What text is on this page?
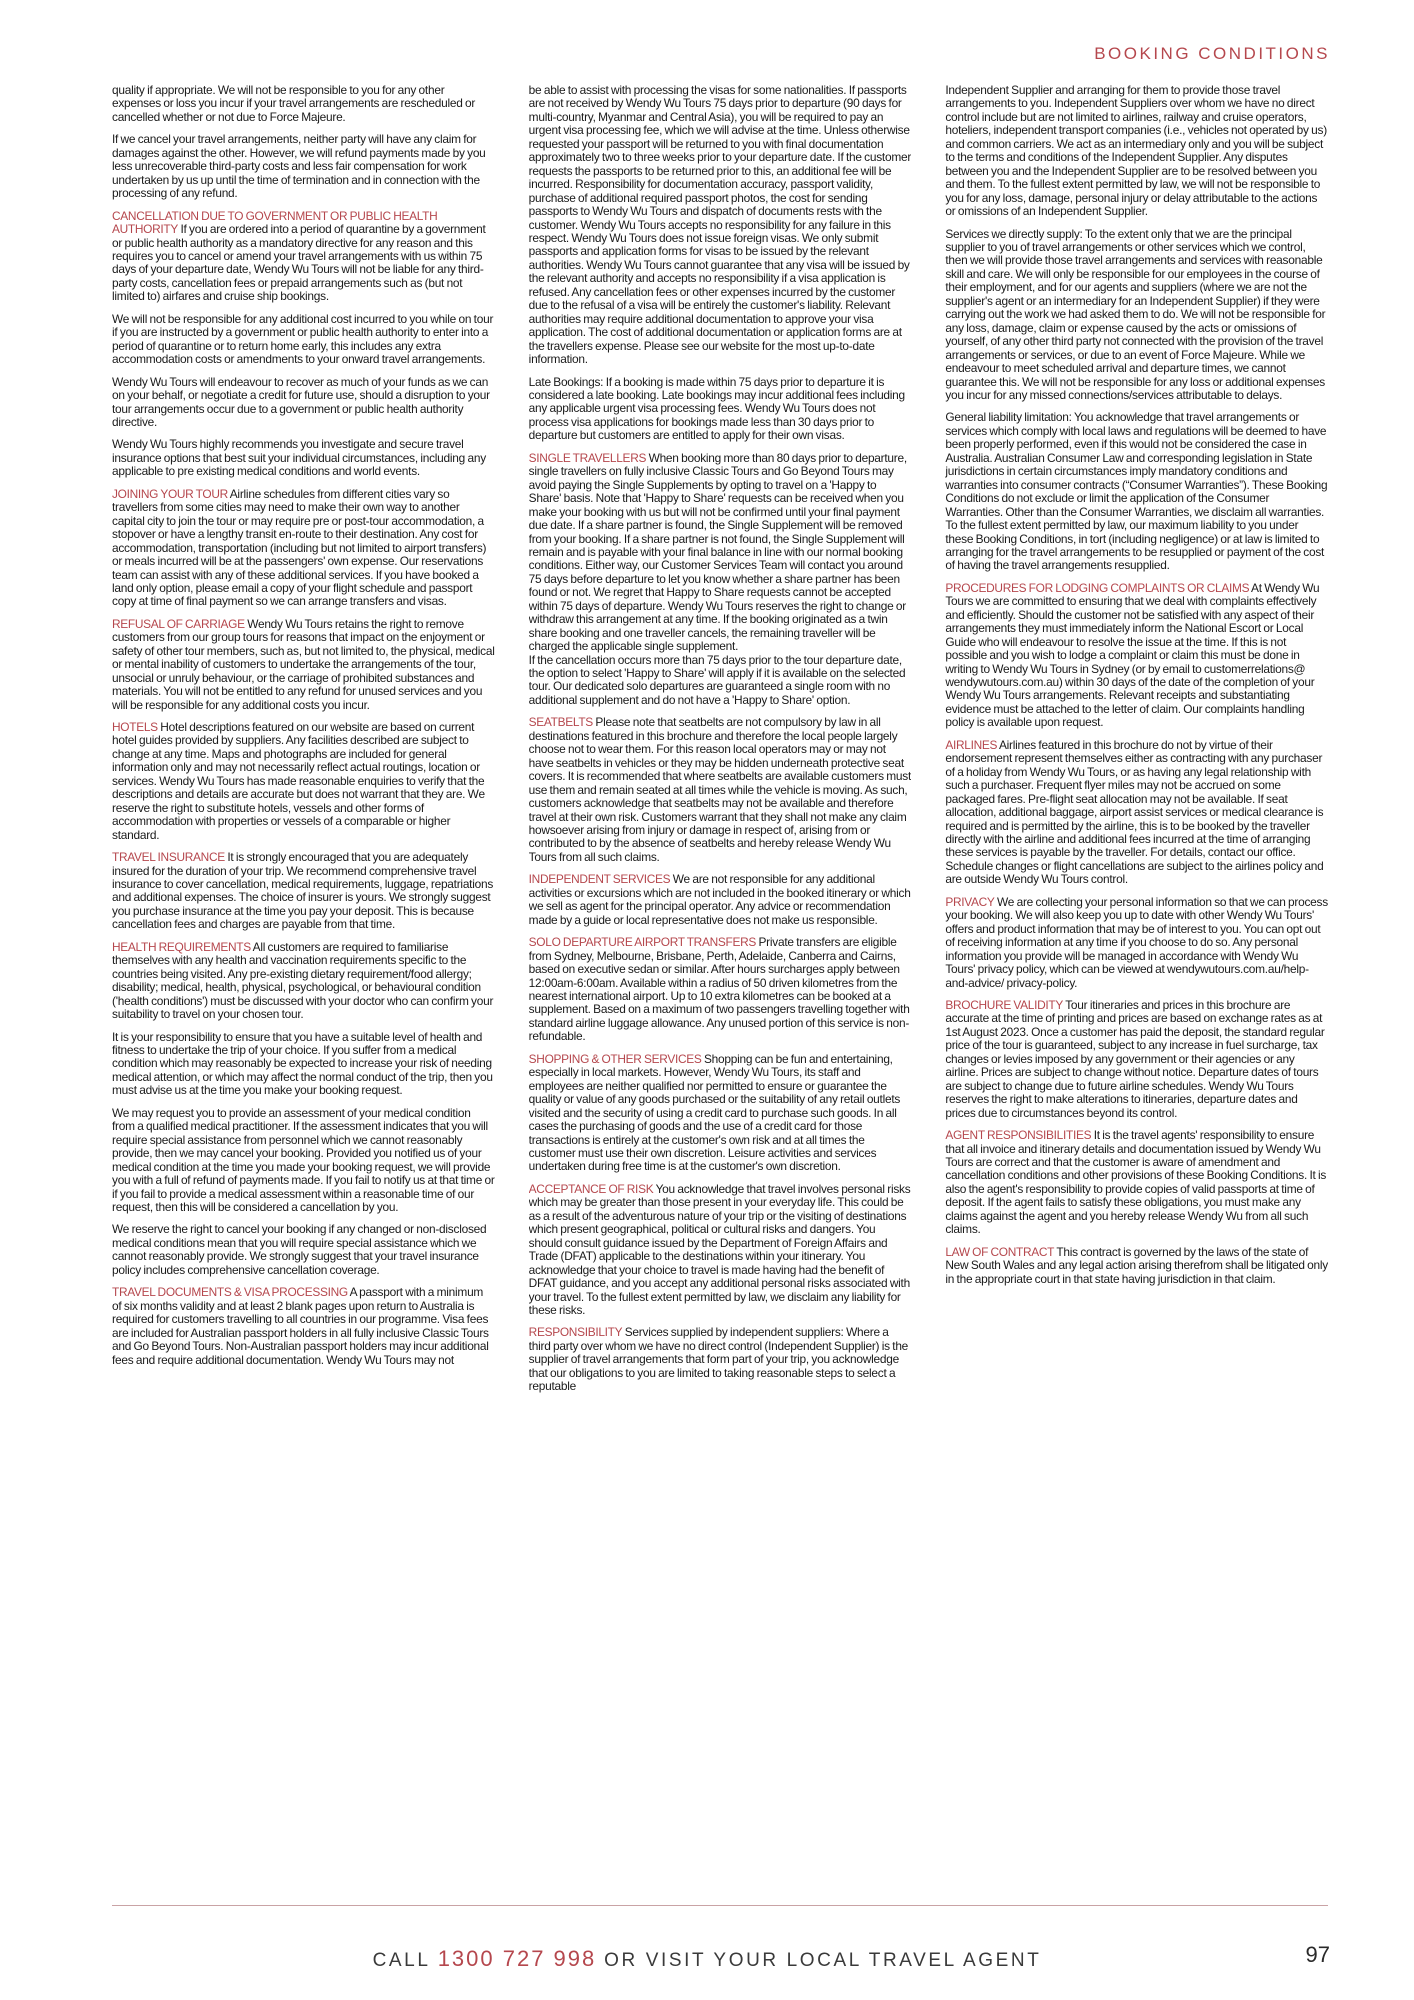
BOOKING CONDITIONS

quality if appropriate. We will not be responsible to you for any other expenses or loss you incur if your travel arrangements are rescheduled or cancelled whether or not due to Force Majeure.

If we cancel your travel arrangements, neither party will have any claim for damages against the other. However, we will refund payments made by you less unrecoverable third-party costs and less fair compensation for work undertaken by us up until the time of termination and in connection with the processing of any refund.

CANCELLATION DUE TO GOVERNMENT OR PUBLIC HEALTH AUTHORITY If you are ordered into a period of quarantine by a government or public health authority as a mandatory directive for any reason and this requires you to cancel or amend your travel arrangements with us within 75 days of your departure date, Wendy Wu Tours will not be liable for any third-party costs, cancellation fees or prepaid arrangements such as (but not limited to) airfares and cruise ship bookings.

We will not be responsible for any additional cost incurred to you while on tour if you are instructed by a government or public health authority to enter into a period of quarantine or to return home early, this includes any extra accommodation costs or amendments to your onward travel arrangements.

Wendy Wu Tours will endeavour to recover as much of your funds as we can on your behalf, or negotiate a credit for future use, should a disruption to your tour arrangements occur due to a government or public health authority directive.

Wendy Wu Tours highly recommends you investigate and secure travel insurance options that best suit your individual circumstances, including any applicable to pre existing medical conditions and world events.

JOINING YOUR TOUR Airline schedules from different cities vary so travellers from some cities may need to make their own way to another capital city to join the tour or may require pre or post-tour accommodation, a stopover or have a lengthy transit en-route to their destination. Any cost for accommodation, transportation (including but not limited to airport transfers) or meals incurred will be at the passengers' own expense. Our reservations team can assist with any of these additional services. If you have booked a land only option, please email a copy of your flight schedule and passport copy at time of final payment so we can arrange transfers and visas.

REFUSAL OF CARRIAGE Wendy Wu Tours retains the right to remove customers from our group tours for reasons that impact on the enjoyment or safety of other tour members, such as, but not limited to, the physical, medical or mental inability of customers to undertake the arrangements of the tour, unsocial or unruly behaviour, or the carriage of prohibited substances and materials. You will not be entitled to any refund for unused services and you will be responsible for any additional costs you incur.

HOTELS Hotel descriptions featured on our website are based on current hotel guides provided by suppliers. Any facilities described are subject to change at any time. Maps and photographs are included for general information only and may not necessarily reflect actual routings, location or services. Wendy Wu Tours has made reasonable enquiries to verify that the descriptions and details are accurate but does not warrant that they are. We reserve the right to substitute hotels, vessels and other forms of accommodation with properties or vessels of a comparable or higher standard.

TRAVEL INSURANCE It is strongly encouraged that you are adequately insured for the duration of your trip. We recommend comprehensive travel insurance to cover cancellation, medical requirements, luggage, repatriations and additional expenses. The choice of insurer is yours. We strongly suggest you purchase insurance at the time you pay your deposit. This is because cancellation fees and charges are payable from that time.

HEALTH REQUIREMENTS All customers are required to familiarise themselves with any health and vaccination requirements specific to the countries being visited. Any pre-existing dietary requirement/food allergy; disability; medical, health, physical, psychological, or behavioural condition ('health conditions') must be discussed with your doctor who can confirm your suitability to travel on your chosen tour.

It is your responsibility to ensure that you have a suitable level of health and fitness to undertake the trip of your choice. If you suffer from a medical condition which may reasonably be expected to increase your risk of needing medical attention, or which may affect the normal conduct of the trip, then you must advise us at the time you make your booking request.

We may request you to provide an assessment of your medical condition from a qualified medical practitioner. If the assessment indicates that you will require special assistance from personnel which we cannot reasonably provide, then we may cancel your booking. Provided you notified us of your medical condition at the time you made your booking request, we will provide you with a full of refund of payments made. If you fail to notify us at that time or if you fail to provide a medical assessment within a reasonable time of our request, then this will be considered a cancellation by you.

We reserve the right to cancel your booking if any changed or non-disclosed medical conditions mean that you will require special assistance which we cannot reasonably provide. We strongly suggest that your travel insurance policy includes comprehensive cancellation coverage.

TRAVEL DOCUMENTS & VISA PROCESSING A passport with a minimum of six months validity and at least 2 blank pages upon return to Australia is required for customers travelling to all countries in our programme. Visa fees are included for Australian passport holders in all fully inclusive Classic Tours and Go Beyond Tours. Non-Australian passport holders may incur additional fees and require additional documentation. Wendy Wu Tours may not

be able to assist with processing the visas for some nationalities. If passports are not received by Wendy Wu Tours 75 days prior to departure (90 days for multi-country, Myanmar and Central Asia), you will be required to pay an urgent visa processing fee, which we will advise at the time. Unless otherwise requested your passport will be returned to you with final documentation approximately two to three weeks prior to your departure date. If the customer requests the passports to be returned prior to this, an additional fee will be incurred. Responsibility for documentation accuracy, passport validity, purchase of additional required passport photos, the cost for sending passports to Wendy Wu Tours and dispatch of documents rests with the customer. Wendy Wu Tours accepts no responsibility for any failure in this respect. Wendy Wu Tours does not issue foreign visas. We only submit passports and application forms for visas to be issued by the relevant authorities. Wendy Wu Tours cannot guarantee that any visa will be issued by the relevant authority and accepts no responsibility if a visa application is refused. Any cancellation fees or other expenses incurred by the customer due to the refusal of a visa will be entirely the customer's liability. Relevant authorities may require additional documentation to approve your visa application. The cost of additional documentation or application forms are at the travellers expense. Please see our website for the most up-to-date information.

Late Bookings: If a booking is made within 75 days prior to departure it is considered a late booking. Late bookings may incur additional fees including any applicable urgent visa processing fees. Wendy Wu Tours does not process visa applications for bookings made less than 30 days prior to departure but customers are entitled to apply for their own visas.

SINGLE TRAVELLERS When booking more than 80 days prior to departure, single travellers on fully inclusive Classic Tours and Go Beyond Tours may avoid paying the Single Supplements by opting to travel on a 'Happy to Share' basis. Note that 'Happy to Share' requests can be received when you make your booking with us but will not be confirmed until your final payment due date. If a share partner is found, the Single Supplement will be removed from your booking. If a share partner is not found, the Single Supplement will remain and is payable with your final balance in line with our normal booking conditions. Either way, our Customer Services Team will contact you around 75 days before departure to let you know whether a share partner has been found or not. We regret that Happy to Share requests cannot be accepted within 75 days of departure. Wendy Wu Tours reserves the right to change or withdraw this arrangement at any time. If the booking originated as a twin share booking and one traveller cancels, the remaining traveller will be charged the applicable single supplement.

If the cancellation occurs more than 75 days prior to the tour departure date, the option to select 'Happy to Share' will apply if it is available on the selected tour. Our dedicated solo departures are guaranteed a single room with no additional supplement and do not have a 'Happy to Share' option.

SEATBELTS Please note that seatbelts are not compulsory by law in all destinations featured in this brochure and therefore the local people largely choose not to wear them. For this reason local operators may or may not have seatbelts in vehicles or they may be hidden underneath protective seat covers. It is recommended that where seatbelts are available customers must use them and remain seated at all times while the vehicle is moving. As such, customers acknowledge that seatbelts may not be available and therefore travel at their own risk. Customers warrant that they shall not make any claim howsoever arising from injury or damage in respect of, arising from or contributed to by the absence of seatbelts and hereby release Wendy Wu Tours from all such claims.

INDEPENDENT SERVICES We are not responsible for any additional activities or excursions which are not included in the booked itinerary or which we sell as agent for the principal operator. Any advice or recommendation made by a guide or local representative does not make us responsible.

SOLO DEPARTURE AIRPORT TRANSFERS Private transfers are eligible from Sydney, Melbourne, Brisbane, Perth, Adelaide, Canberra and Cairns, based on executive sedan or similar. After hours surcharges apply between 12:00am-6:00am. Available within a radius of 50 driven kilometres from the nearest international airport. Up to 10 extra kilometres can be booked at a supplement. Based on a maximum of two passengers travelling together with standard airline luggage allowance. Any unused portion of this service is non-refundable.

SHOPPING & OTHER SERVICES Shopping can be fun and entertaining, especially in local markets. However, Wendy Wu Tours, its staff and employees are neither qualified nor permitted to ensure or guarantee the quality or value of any goods purchased or the suitability of any retail outlets visited and the security of using a credit card to purchase such goods. In all cases the purchasing of goods and the use of a credit card for those transactions is entirely at the customer's own risk and at all times the customer must use their own discretion. Leisure activities and services undertaken during free time is at the customer's own discretion.

ACCEPTANCE OF RISK You acknowledge that travel involves personal risks which may be greater than those present in your everyday life. This could be as a result of the adventurous nature of your trip or the visiting of destinations which present geographical, political or cultural risks and dangers. You should consult guidance issued by the Department of Foreign Affairs and Trade (DFAT) applicable to the destinations within your itinerary. You acknowledge that your choice to travel is made having had the benefit of DFAT guidance, and you accept any additional personal risks associated with your travel. To the fullest extent permitted by law, we disclaim any liability for these risks.

RESPONSIBILITY Services supplied by independent suppliers: Where a third party over whom we have no direct control (Independent Supplier) is the supplier of travel arrangements that form part of your trip, you acknowledge that our obligations to you are limited to taking reasonable steps to select a reputable

Independent Supplier and arranging for them to provide those travel arrangements to you. Independent Suppliers over whom we have no direct control include but are not limited to airlines, railway and cruise operators, hoteliers, independent transport companies (i.e., vehicles not operated by us) and common carriers. We act as an intermediary only and you will be subject to the terms and conditions of the Independent Supplier. Any disputes between you and the Independent Supplier are to be resolved between you and them. To the fullest extent permitted by law, we will not be responsible to you for any loss, damage, personal injury or delay attributable to the actions or omissions of an Independent Supplier.

Services we directly supply: To the extent only that we are the principal supplier to you of travel arrangements or other services which we control, then we will provide those travel arrangements and services with reasonable skill and care. We will only be responsible for our employees in the course of their employment, and for our agents and suppliers (where we are not the supplier's agent or an intermediary for an Independent Supplier) if they were carrying out the work we had asked them to do. We will not be responsible for any loss, damage, claim or expense caused by the acts or omissions of yourself, of any other third party not connected with the provision of the travel arrangements or services, or due to an event of Force Majeure. While we endeavour to meet scheduled arrival and departure times, we cannot guarantee this. We will not be responsible for any loss or additional expenses you incur for any missed connections/services attributable to delays.

General liability limitation: You acknowledge that travel arrangements or services which comply with local laws and regulations will be deemed to have been properly performed, even if this would not be considered the case in Australia. Australian Consumer Law and corresponding legislation in State jurisdictions in certain circumstances imply mandatory conditions and warranties into consumer contracts (“Consumer Warranties”). These Booking Conditions do not exclude or limit the application of the Consumer Warranties. Other than the Consumer Warranties, we disclaim all warranties. To the fullest extent permitted by law, our maximum liability to you under these Booking Conditions, in tort (including negligence) or at law is limited to arranging for the travel arrangements to be resupplied or payment of the cost of having the travel arrangements resupplied.

PROCEDURES FOR LODGING COMPLAINTS OR CLAIMS At Wendy Wu Tours we are committed to ensuring that we deal with complaints effectively and efficiently. Should the customer not be satisfied with any aspect of their arrangements they must immediately inform the National Escort or Local Guide who will endeavour to resolve the issue at the time. If this is not possible and you wish to lodge a complaint or claim this must be done in writing to Wendy Wu Tours in Sydney (or by email to customerrelations@ wendywutours.com.au) within 30 days of the date of the completion of your Wendy Wu Tours arrangements. Relevant receipts and substantiating evidence must be attached to the letter of claim. Our complaints handling policy is available upon request.

AIRLINES Airlines featured in this brochure do not by virtue of their endorsement represent themselves either as contracting with any purchaser of a holiday from Wendy Wu Tours, or as having any legal relationship with such a purchaser. Frequent flyer miles may not be accrued on some packaged fares. Pre-flight seat allocation may not be available. If seat allocation, additional baggage, airport assist services or medical clearance is required and is permitted by the airline, this is to be booked by the traveller directly with the airline and additional fees incurred at the time of arranging these services is payable by the traveller. For details, contact our office. Schedule changes or flight cancellations are subject to the airlines policy and are outside Wendy Wu Tours control.

PRIVACY We are collecting your personal information so that we can process your booking. We will also keep you up to date with other Wendy Wu Tours' offers and product information that may be of interest to you. You can opt out of receiving information at any time if you choose to do so. Any personal information you provide will be managed in accordance with Wendy Wu Tours' privacy policy, which can be viewed at wendywutours.com.au/help-and-advice/ privacy-policy.

BROCHURE VALIDITY Tour itineraries and prices in this brochure are accurate at the time of printing and prices are based on exchange rates as at 1st August 2023. Once a customer has paid the deposit, the standard regular price of the tour is guaranteed, subject to any increase in fuel surcharge, tax changes or levies imposed by any government or their agencies or any airline. Prices are subject to change without notice. Departure dates of tours are subject to change due to future airline schedules. Wendy Wu Tours reserves the right to make alterations to itineraries, departure dates and prices due to circumstances beyond its control.

AGENT RESPONSIBILITIES It is the travel agents' responsibility to ensure that all invoice and itinerary details and documentation issued by Wendy Wu Tours are correct and that the customer is aware of amendment and cancellation conditions and other provisions of these Booking Conditions. It is also the agent's responsibility to provide copies of valid passports at time of deposit. If the agent fails to satisfy these obligations, you must make any claims against the agent and you hereby release Wendy Wu from all such claims.

LAW OF CONTRACT This contract is governed by the laws of the state of New South Wales and any legal action arising therefrom shall be litigated only in the appropriate court in that state having jurisdiction in that claim.

CALL 1300 727 998 OR VISIT YOUR LOCAL TRAVEL AGENT	97
